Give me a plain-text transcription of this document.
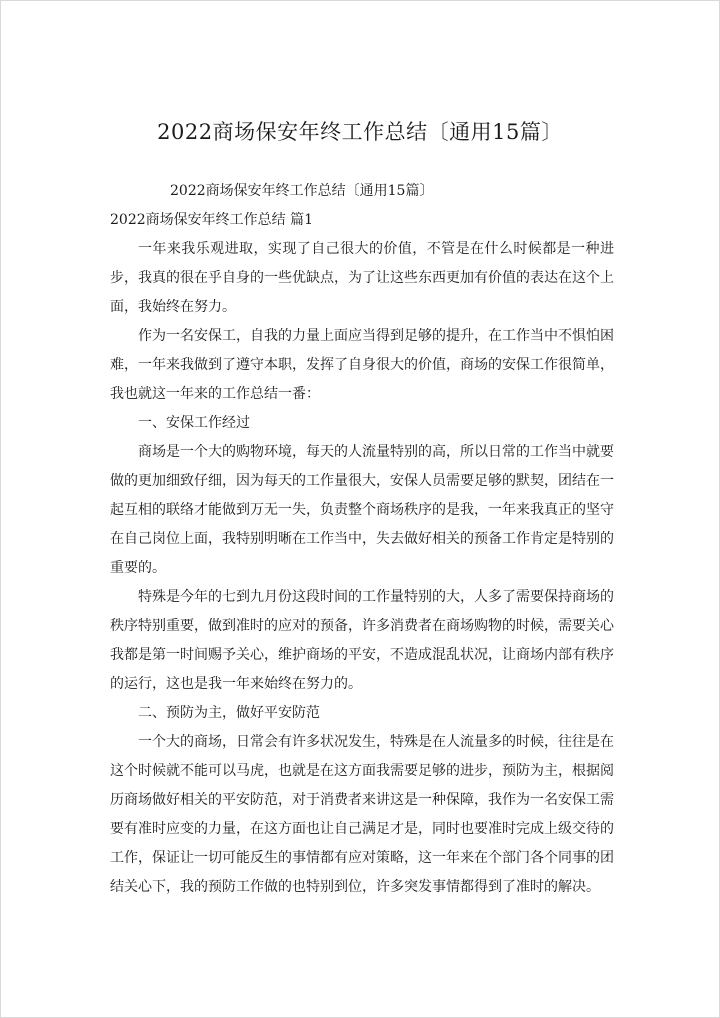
2022商场保安年终工作总结〔通用15篇〕

2022商场保安年终工作总结〔通用15篇〕

2022商场保安年终工作总结 篇1

一年来我乐观进取，实现了自己很大的价值，不管是在什么时候都是一种进步，我真的很在乎自身的一些优缺点，为了让这些东西更加有价值的表达在这个上面，我始终在努力。

作为一名安保工，自我的力量上面应当得到足够的提升，在工作当中不惧怕困难，一年来我做到了遵守本职，发挥了自身很大的价值，商场的安保工作很简单，我也就这一年来的工作总结一番：

一、安保工作经过

商场是一个大的购物环境，每天的人流量特别的高，所以日常的工作当中就要做的更加细致仔细，因为每天的工作量很大，安保人员需要足够的默契，团结在一起互相的联络才能做到万无一失，负责整个商场秩序的是我，一年来我真正的坚守在自己岗位上面，我特别明晰在工作当中，失去做好相关的预备工作肯定是特别的重要的。

特殊是今年的七到九月份这段时间的工作量特别的大，人多了需要保持商场的秩序特别重要，做到准时的应对的预备，许多消费者在商场购物的时候，需要关心我都是第一时间赐予关心，维护商场的平安，不造成混乱状况，让商场内部有秩序的运行，这也是我一年来始终在努力的。

二、预防为主，做好平安防范

一个大的商场，日常会有许多状况发生，特殊是在人流量多的时候，往往是在这个时候就不能可以马虎，也就是在这方面我需要足够的进步，预防为主，根据阅历商场做好相关的平安防范，对于消费者来讲这是一种保障，我作为一名安保工需要有准时应变的力量，在这方面也让自己满足才是，同时也要准时完成上级交待的工作，保证让一切可能反生的事情都有应对策略，这一年来在个部门各个同事的团结关心下，我的预防工作做的也特别到位，许多突发事情都得到了准时的解决。
